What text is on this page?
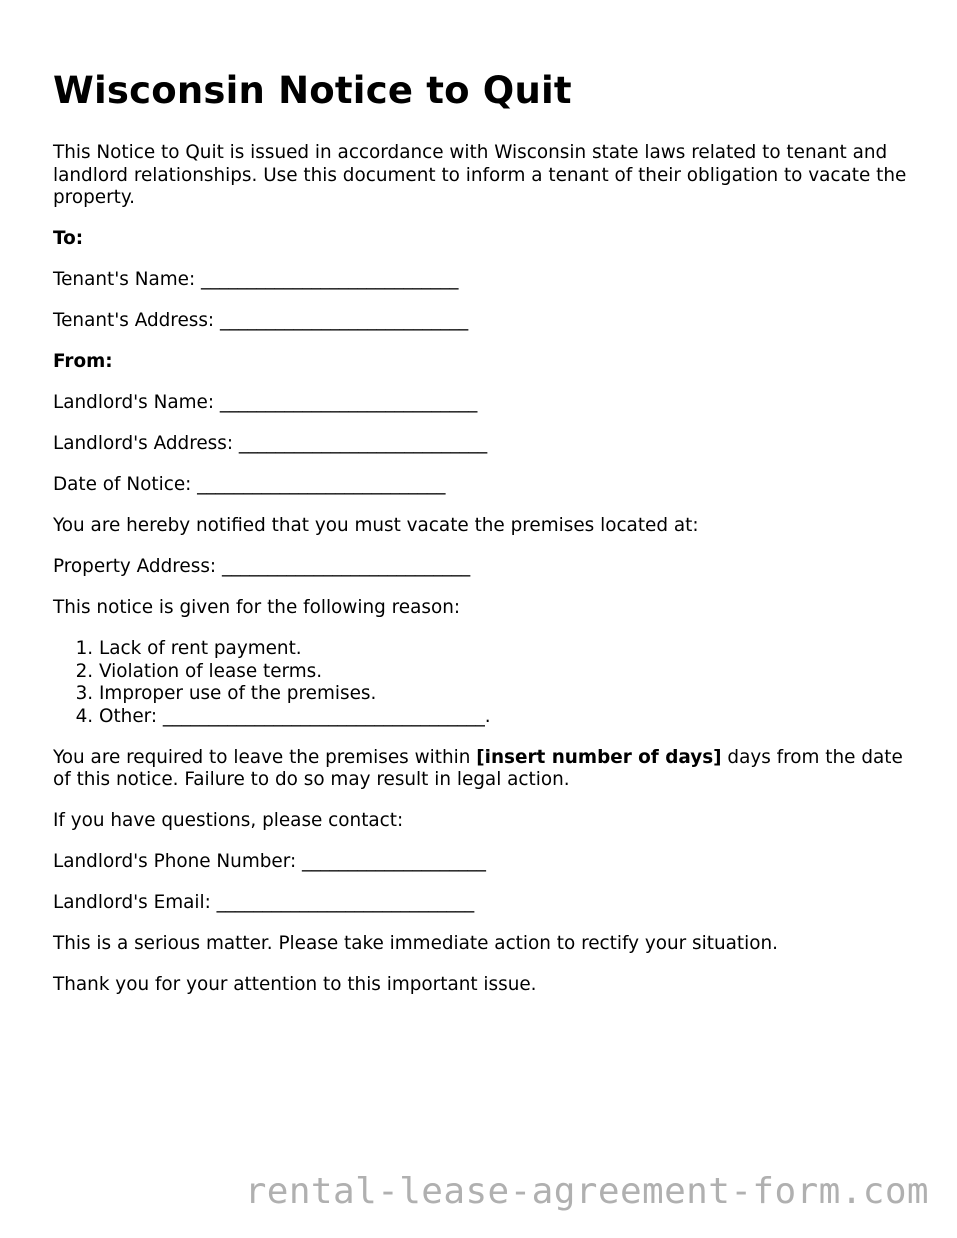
Wisconsin Notice to Quit

This Notice to Quit is issued in accordance with Wisconsin state laws related to tenant and landlord relationships. Use this document to inform a tenant of their obligation to vacate the property.

To:

Tenant's Name: ____________________________

Tenant's Address: ___________________________

From:

Landlord's Name: ____________________________

Landlord's Address: ___________________________

Date of Notice: ___________________________

You are hereby notified that you must vacate the premises located at:

Property Address: ___________________________

This notice is given for the following reason:

1. Lack of rent payment.
2. Violation of lease terms.
3. Improper use of the premises.
4. Other: ___________________________________.

You are required to leave the premises within [insert number of days] days from the date of this notice. Failure to do so may result in legal action.

If you have questions, please contact:

Landlord's Phone Number: ____________________

Landlord's Email: ____________________________

This is a serious matter. Please take immediate action to rectify your situation.

Thank you for your attention to this important issue.

rental-lease-agreement-form.com
